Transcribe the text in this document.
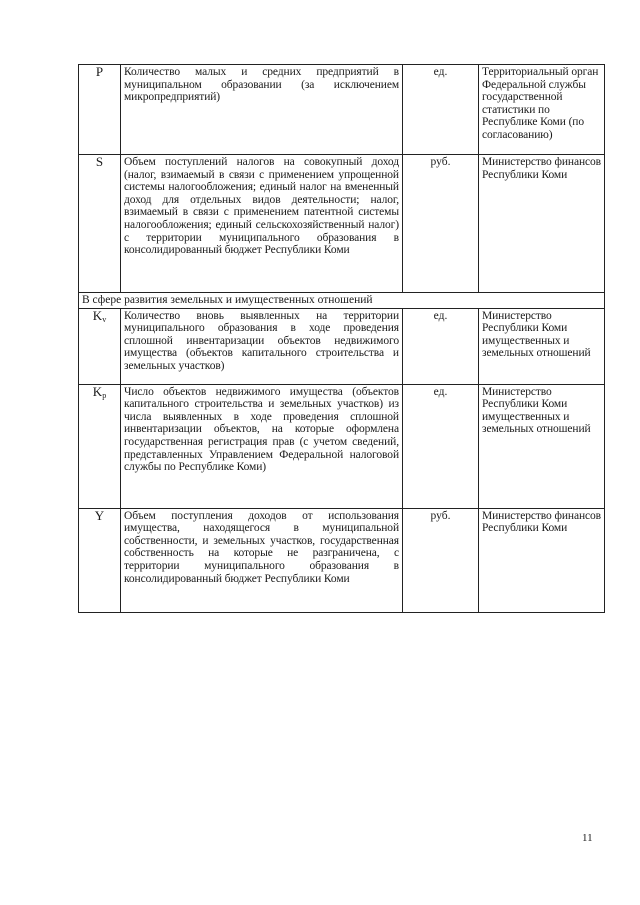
P	Количество малых и средних предприятий в муниципальном образовании (за исключением микропредприятий)	ед.	Территориальный орган Федеральной службы государственной статистики по Республике Коми (по согласованию)
S	Объем поступлений налогов на совокупный доход (налог, взимаемый в связи с применением упрощенной системы налогообложения; единый налог на вмененный доход для отдельных видов деятельности; налог, взимаемый в связи с применением патентной системы налогообложения; единый сельскохозяйственный налог) с территории муниципального образования в консолидированный бюджет Республики Коми	руб.	Министерство финансов Республики Коми
В сфере развития земельных и имущественных отношений			
$K_v$	Количество вновь выявленных на территории муниципального образования в ходе проведения сплошной инвентаризации объектов недвижимого имущества (объектов капитального строительства и земельных участков)	ед.	Министерство Республики Коми имущественных и земельных отношений
$K_p$	Число объектов недвижимого имущества (объектов капитального строительства и земельных участков) из числа выявленных в ходе проведения сплошной инвентаризации объектов, на которые оформлена государственная регистрация прав (с учетом сведений, представленных Управлением Федеральной налоговой службы по Республике Коми)	ед.	Министерство Республики Коми имущественных и земельных отношений
Y	Объем поступления доходов от использования имущества, находящегося в муниципальной собственности, и земельных участков, государственная собственность на которые не разграничена, с территории муниципального образования в консолидированный бюджет Республики Коми	руб.	Министерство финансов Республики Коми
11
